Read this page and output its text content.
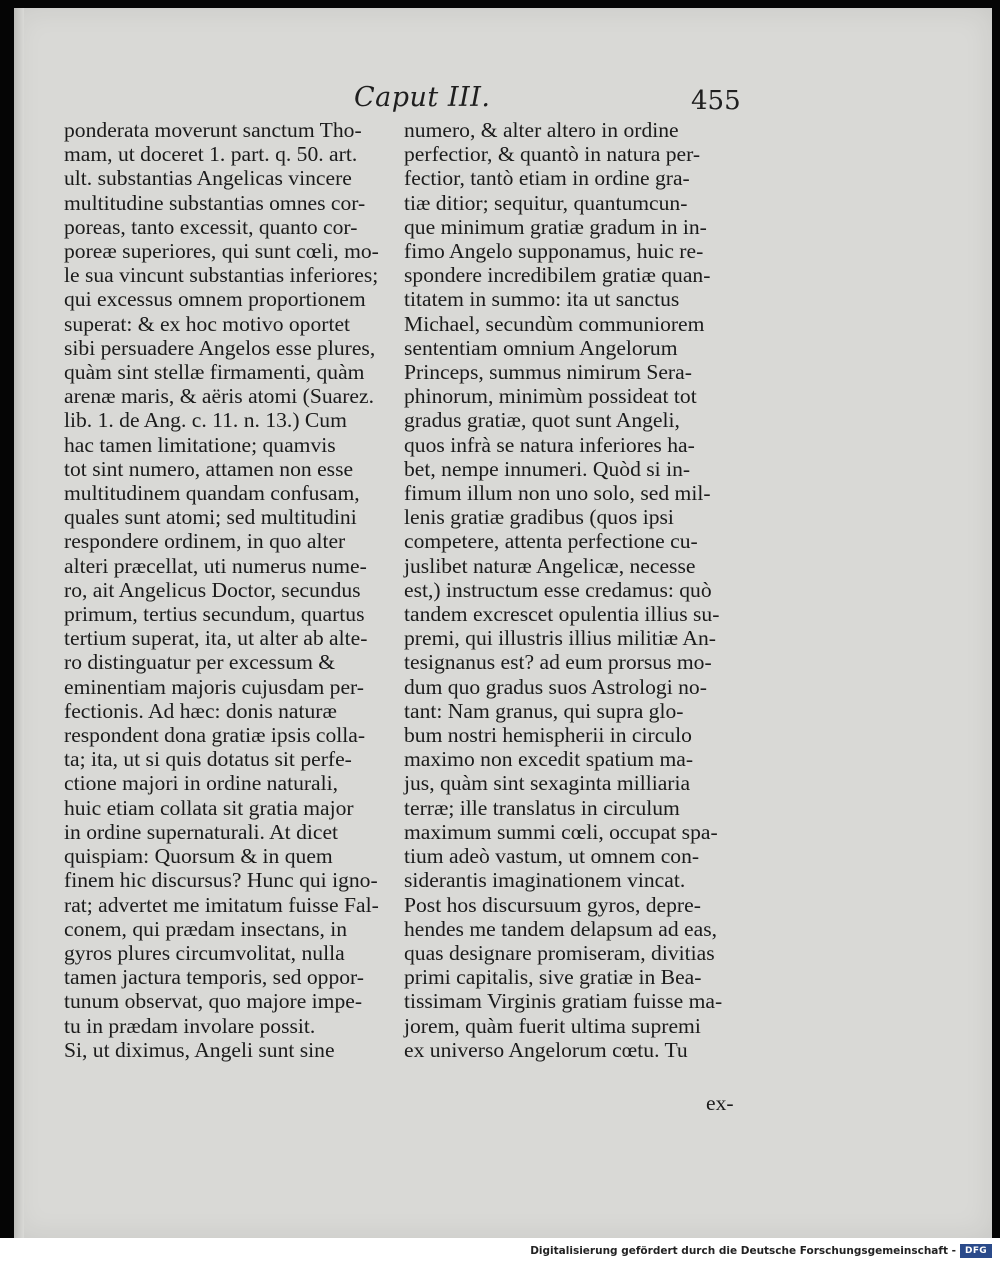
Caput III.	455
ponderata moverunt sanctum Tho-
mam, ut doceret 1. part. q. 50. art.
ult. substantias Angelicas vincere
multitudine substantias omnes cor-
poreas, tanto excessit, quanto cor-
poreæ superiores, qui sunt cœli, mo-
le sua vincunt substantias inferiores;
qui excessus omnem proportionem
superat: & ex hoc motivo oportet
sibi persuadere Angelos esse plures,
quàm sint stellæ firmamenti, quàm
arenæ maris, & aëris atomi (Suarez.
lib. 1. de Ang. c. 11. n. 13.) Cum
hac tamen limitatione; quamvis
tot sint numero, attamen non esse
multitudinem quandam confusam,
quales sunt atomi; sed multitudini
respondere ordinem, in quo alter
alteri præcellat, uti numerus nume-
ro, ait Angelicus Doctor, secundus
primum, tertius secundum, quartus
tertium superat, ita, ut alter ab alte-
ro distinguatur per excessum &
eminentiam majoris cujusdam per-
fectionis. Ad hæc: donis naturæ
respondent dona gratiæ ipsis colla-
ta; ita, ut si quis dotatus sit perfe-
ctione majori in ordine naturali,
huic etiam collata sit gratia major
in ordine supernaturali. At dicet
quispiam: Quorsum & in quem
finem hic discursus? Hunc qui igno-
rat; advertet me imitatum fuisse Fal-
conem, qui prædam insectans, in
gyros plures circumvolitat, nulla
tamen jactura temporis, sed oppor-
tunum observat, quo majore impe-
tu in prædam involare possit.
Si, ut diximus, Angeli sunt sine
numero, & alter altero in ordine
perfectior, & quantò in natura per-
fectior, tantò etiam in ordine gra-
tiæ ditior; sequitur, quantumcun-
que minimum gratiæ gradum in in-
fimo Angelo supponamus, huic re-
spondere incredibilem gratiæ quan-
titatem in summo: ita ut sanctus
Michael, secundùm communiorem
sententiam omnium Angelorum
Princeps, summus nimirum Sera-
phinorum, minimùm possideat tot
gradus gratiæ, quot sunt Angeli,
quos infrà se natura inferiores ha-
bet, nempe innumeri. Quòd si in-
fimum illum non uno solo, sed mil-
lenis gratiæ gradibus (quos ipsi
competere, attenta perfectione cu-
juslibet naturæ Angelicæ, necesse
est,) instructum esse credamus: quò
tandem excrescet opulentia illius su-
premi, qui illustris illius militiæ An-
tesignanus est? ad eum prorsus mo-
dum quo gradus suos Astrologi no-
tant: Nam granus, qui supra glo-
bum nostri hemispherii in circulo
maximo non excedit spatium ma-
jus, quàm sint sexaginta milliaria
terræ; ille translatus in circulum
maximum summi cœli, occupat spa-
tium adeò vastum, ut omnem con-
siderantis imaginationem vincat.
Post hos discursuum gyros, depre-
hendes me tandem delapsum ad eas,
quas designare promiseram, divitias
primi capitalis, sive gratiæ in Bea-
tissimam Virginis gratiam fuisse ma-
jorem, quàm fuerit ultima supremi
ex universo Angelorum cœtu. Tu
ex-
Digitalisierung gefördert durch die Deutsche Forschungsgemeinschaft -	DFG
